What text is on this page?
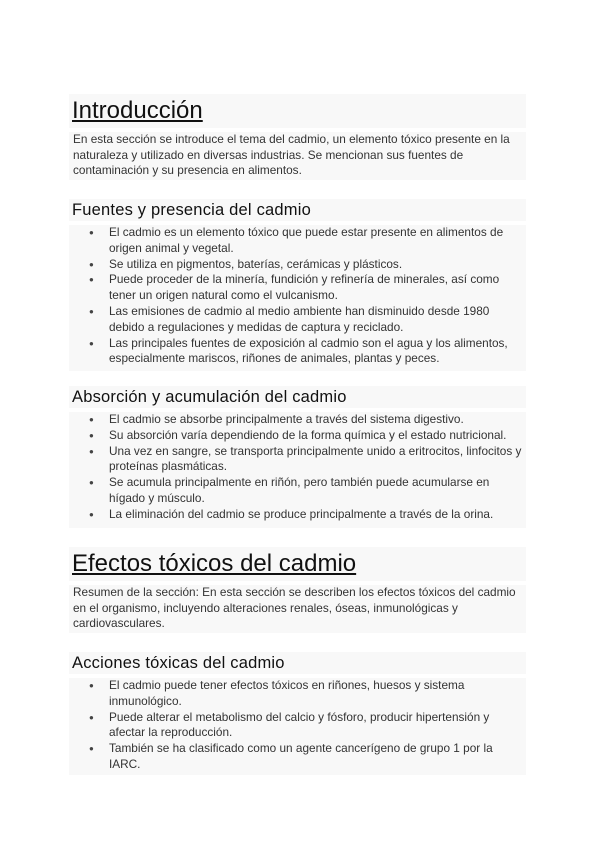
Introducción

En esta sección se introduce el tema del cadmio, un elemento tóxico presente en la naturaleza y utilizado en diversas industrias. Se mencionan sus fuentes de contaminación y su presencia en alimentos.

Fuentes y presencia del cadmio
● El cadmio es un elemento tóxico que puede estar presente en alimentos de origen animal y vegetal.
● Se utiliza en pigmentos, baterías, cerámicas y plásticos.
● Puede proceder de la minería, fundición y refinería de minerales, así como tener un origen natural como el vulcanismo.
● Las emisiones de cadmio al medio ambiente han disminuido desde 1980 debido a regulaciones y medidas de captura y reciclado.
● Las principales fuentes de exposición al cadmio son el agua y los alimentos, especialmente mariscos, riñones de animales, plantas y peces.
Absorción y acumulación del cadmio
● El cadmio se absorbe principalmente a través del sistema digestivo.
● Su absorción varía dependiendo de la forma química y el estado nutricional.
● Una vez en sangre, se transporta principalmente unido a eritrocitos, linfocitos y proteínas plasmáticas.
● Se acumula principalmente en riñón, pero también puede acumularse en hígado y músculo.
● La eliminación del cadmio se produce principalmente a través de la orina.
Efectos tóxicos del cadmio

Resumen de la sección: En esta sección se describen los efectos tóxicos del cadmio en el organismo, incluyendo alteraciones renales, óseas, inmunológicas y cardiovasculares.

Acciones tóxicas del cadmio
● El cadmio puede tener efectos tóxicos en riñones, huesos y sistema inmunológico.
● Puede alterar el metabolismo del calcio y fósforo, producir hipertensión y afectar la reproducción.
● También se ha clasificado como un agente cancerígeno de grupo 1 por la IARC.
